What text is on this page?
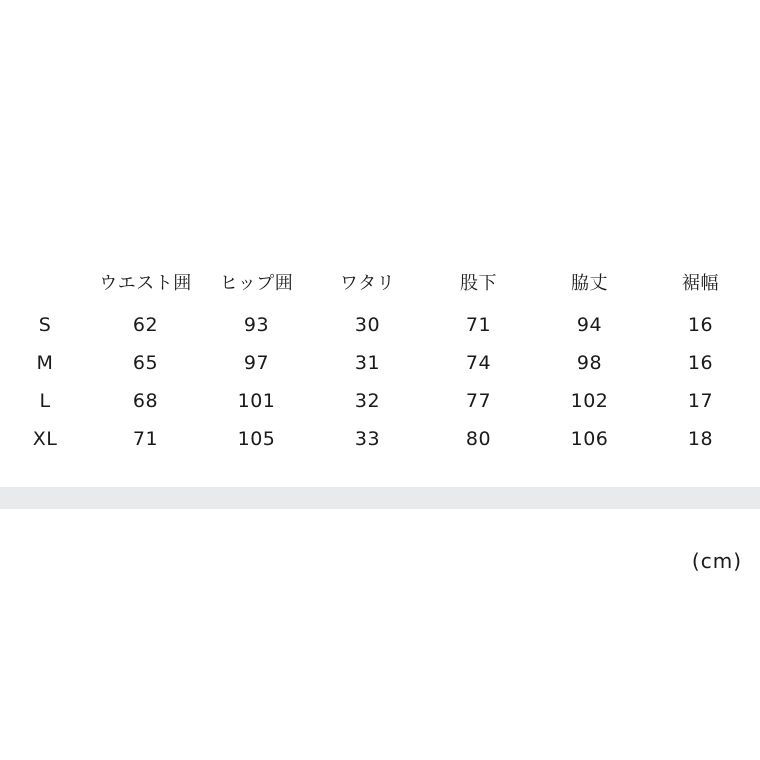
	ウエスト囲	ヒップ囲	ワタリ	股下	脇丈	裾幅	
S	62	93	30	71	94	16	
M	65	97	31	74	98	16	
L	68	101	32	77	102	17	
XL	71	105	33	80	106	18	
(cm)
